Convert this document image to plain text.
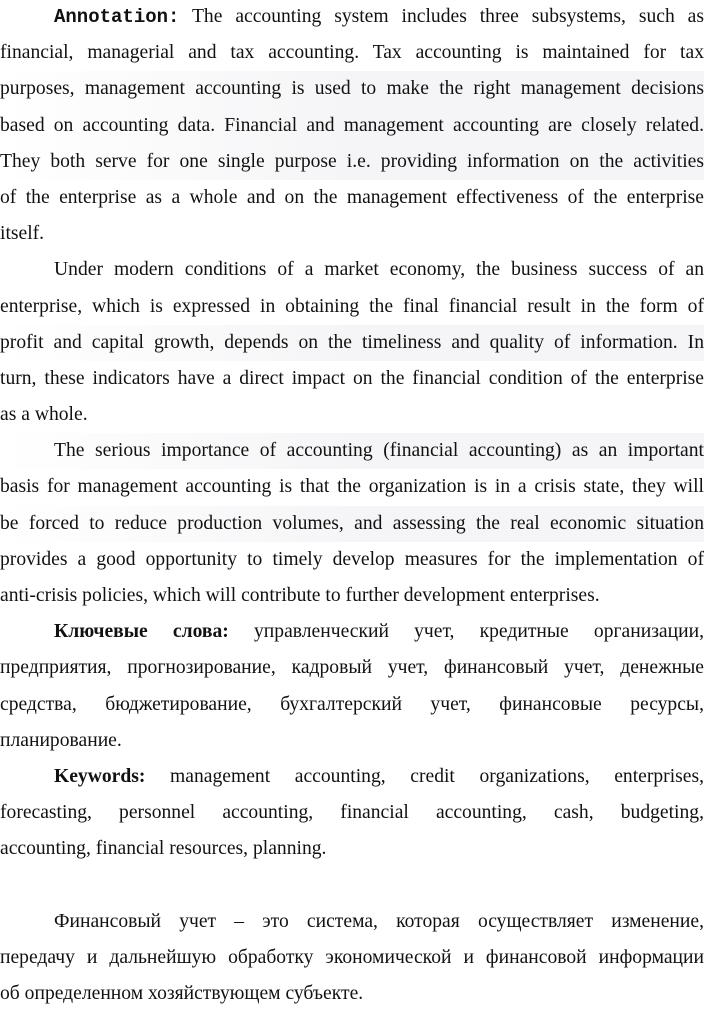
Annotation: The accounting system includes three subsystems, such as
financial, managerial and tax accounting. Tax accounting is maintained for tax
purposes, management accounting is used to make the right management decisions
based on accounting data. Financial and management accounting are closely related.
They both serve for one single purpose i.e. providing information on the activities
of the enterprise as a whole and on the management effectiveness of the enterprise
itself.
Under modern conditions of a market economy, the business success of an
enterprise, which is expressed in obtaining the final financial result in the form of
profit and capital growth, depends on the timeliness and quality of information. In
turn, these indicators have a direct impact on the financial condition of the enterprise
as a whole.
The serious importance of accounting (financial accounting) as an important
basis for management accounting is that the organization is in a crisis state, they will
be forced to reduce production volumes, and assessing the real economic situation
provides a good opportunity to timely develop measures for the implementation of
anti-crisis policies, which will contribute to further development enterprises.
Ключевые слова: управленческий учет, кредитные организации,
предприятия, прогнозирование, кадровый учет, финансовый учет, денежные
средства, бюджетирование, бухгалтерский учет, финансовые ресурсы,
планирование.
Keywords: management accounting, credit organizations, enterprises,
forecasting, personnel accounting, financial accounting, cash, budgeting,
accounting, financial resources, planning.
Финансовый учет – это система, которая осуществляет изменение,
передачу и дальнейшую обработку экономической и финансовой информации
об определенном хозяйствующем субъекте.
